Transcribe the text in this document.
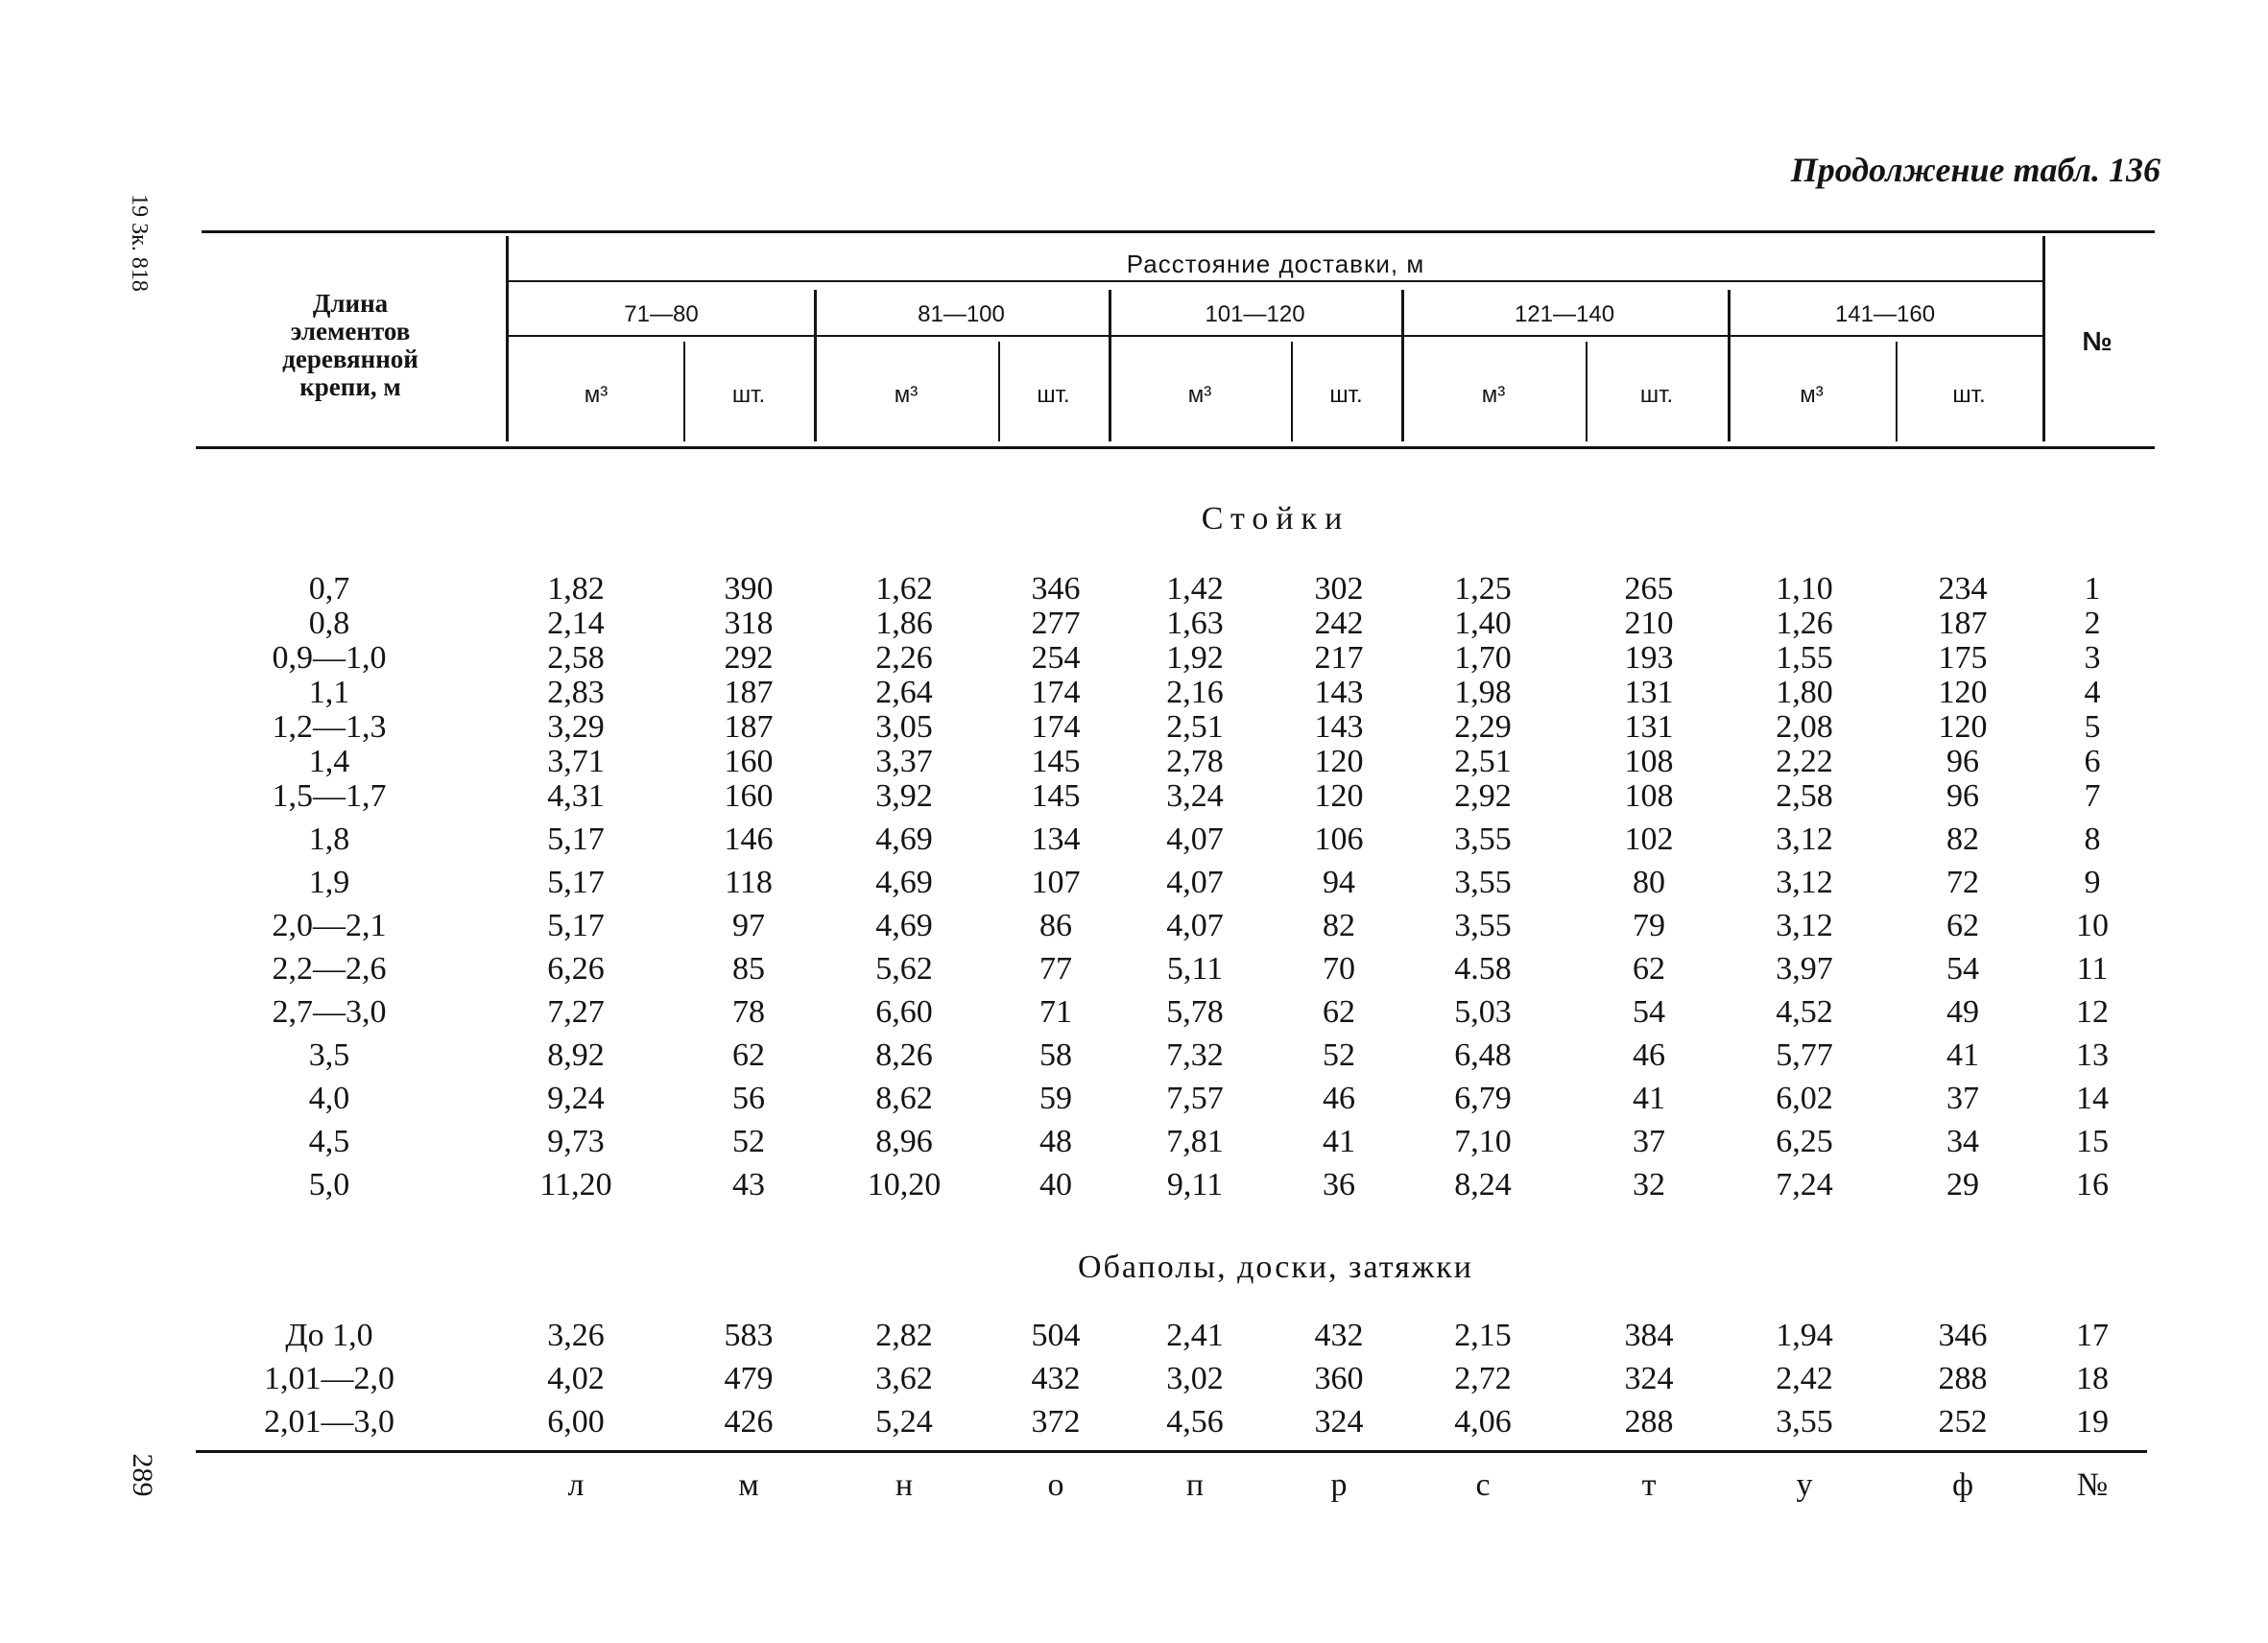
19 Зк. 818
289
Продолжение табл. 136
Длина элементов деревянной крепи, м
Расстояние доставки, м
№
71—80	81—100	101—120	121—140	141—160
м³	шт.	м³	шт.	м³	шт.	м³	шт.	м³	шт.
Стойки
0,7	1,82	390	1,62	346	1,42	302	1,25	265	1,10	234	1
0,8	2,14	318	1,86	277	1,63	242	1,40	210	1,26	187	2
0,9—1,0	2,58	292	2,26	254	1,92	217	1,70	193	1,55	175	3
1,1	2,83	187	2,64	174	2,16	143	1,98	131	1,80	120	4
1,2—1,3	3,29	187	3,05	174	2,51	143	2,29	131	2,08	120	5
1,4	3,71	160	3,37	145	2,78	120	2,51	108	2,22	96	6
1,5—1,7	4,31	160	3,92	145	3,24	120	2,92	108	2,58	96	7
1,8	5,17	146	4,69	134	4,07	106	3,55	102	3,12	82	8
1,9	5,17	118	4,69	107	4,07	94	3,55	80	3,12	72	9
2,0—2,1	5,17	97	4,69	86	4,07	82	3,55	79	3,12	62	10
2,2—2,6	6,26	85	5,62	77	5,11	70	4.58	62	3,97	54	11
2,7—3,0	7,27	78	6,60	71	5,78	62	5,03	54	4,52	49	12
3,5	8,92	62	8,26	58	7,32	52	6,48	46	5,77	41	13
4,0	9,24	56	8,62	59	7,57	46	6,79	41	6,02	37	14
4,5	9,73	52	8,96	48	7,81	41	7,10	37	6,25	34	15
5,0	11,20	43	10,20	40	9,11	36	8,24	32	7,24	29	16
Обаполы, доски, затяжки
До 1,0	3,26	583	2,82	504	2,41	432	2,15	384	1,94	346	17
1,01—2,0	4,02	479	3,62	432	3,02	360	2,72	324	2,42	288	18
2,01—3,0	6,00	426	5,24	372	4,56	324	4,06	288	3,55	252	19
л	м	н	о	п	р	с	т	у	ф	№
